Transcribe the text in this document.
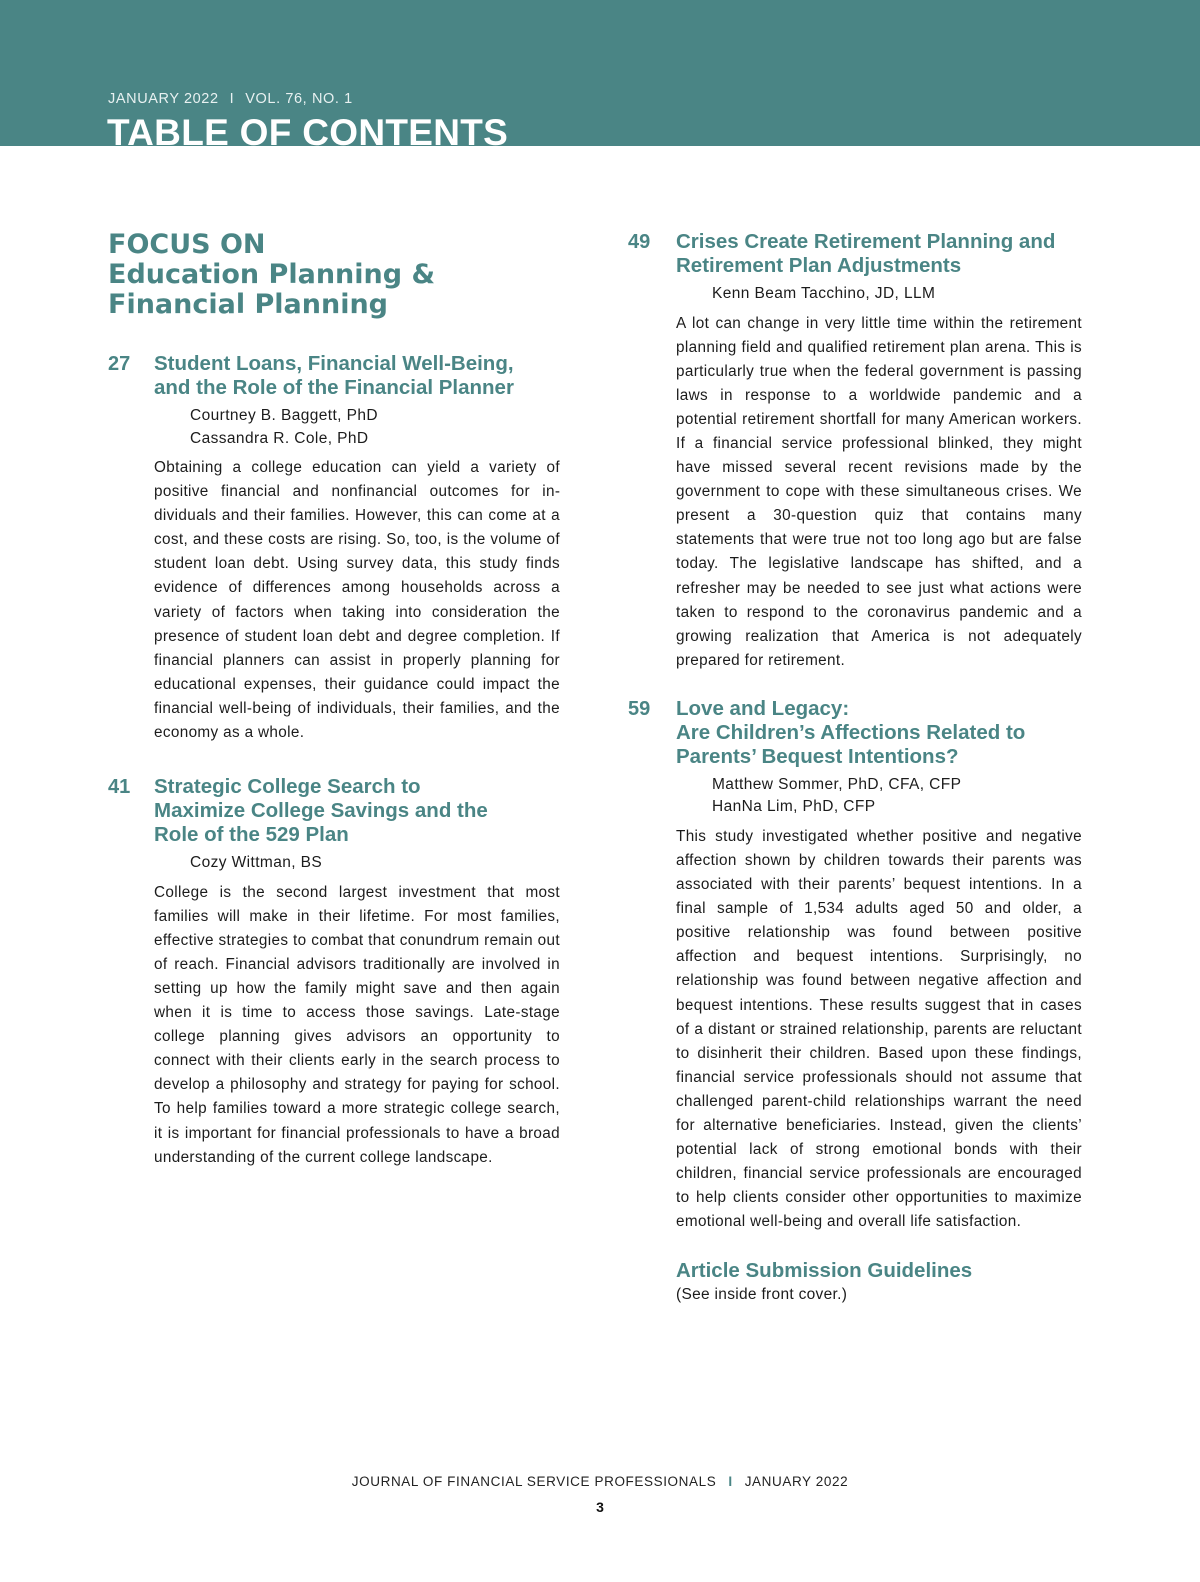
JANUARY 2022 I VOL. 76, NO. 1
TABLE OF CONTENTS
FOCUS ON
Education Planning &
Financial Planning
27 Student Loans, Financial Well-Being,
and the Role of the Financial Planner
Courtney B. Baggett, PhD
Cassandra R. Cole, PhD
Obtaining a college education can yield a variety of positive financial and nonfinancial outcomes for individuals and their families. However, this can come at a cost, and these costs are rising. So, too, is the volume of student loan debt. Using survey data, this study finds evidence of differences among households across a variety of factors when taking into consideration the presence of student loan debt and degree completion. If financial planners can assist in properly planning for educational expenses, their guidance could impact the financial well-being of individuals, their families, and the economy as a whole.
41 Strategic College Search to
Maximize College Savings and the
Role of the 529 Plan
Cozy Wittman, BS
College is the second largest investment that most families will make in their lifetime. For most families, effective strategies to combat that conundrum remain out of reach. Financial advisors traditionally are involved in setting up how the family might save and then again when it is time to access those savings. Late-stage college planning gives advisors an opportunity to connect with their clients early in the search process to develop a philosophy and strategy for paying for school. To help families toward a more strategic college search, it is important for financial professionals to have a broad understanding of the current college landscape.
49 Crises Create Retirement Planning and
Retirement Plan Adjustments
Kenn Beam Tacchino, JD, LLM
A lot can change in very little time within the retirement planning field and qualified retirement plan arena. This is particularly true when the federal government is passing laws in response to a worldwide pandemic and a potential retirement shortfall for many American workers. If a financial service professional blinked, they might have missed several recent revisions made by the government to cope with these simultaneous crises. We present a 30-question quiz that contains many statements that were true not too long ago but are false today. The legislative landscape has shifted, and a refresher may be needed to see just what actions were taken to respond to the coronavirus pandemic and a growing realization that America is not adequately prepared for retirement.
59 Love and Legacy:
Are Children’s Affections Related to
Parents’ Bequest Intentions?
Matthew Sommer, PhD, CFA, CFP
HanNa Lim, PhD, CFP
This study investigated whether positive and negative affection shown by children towards their parents was associated with their parents’ bequest intentions. In a final sample of 1,534 adults aged 50 and older, a positive relationship was found between positive affection and bequest intentions. Surprisingly, no relationship was found between negative affection and bequest intentions. These results suggest that in cases of a distant or strained relationship, parents are reluctant to disinherit their children. Based upon these findings, financial service professionals should not assume that challenged parent-child relationships warrant the need for alternative beneficiaries. Instead, given the clients’ potential lack of strong emotional bonds with their children, financial service professionals are encouraged to help clients consider other opportunities to maximize emotional well-being and overall life satisfaction.
Article Submission Guidelines
(See inside front cover.)
JOURNAL OF FINANCIAL SERVICE PROFESSIONALS I JANUARY 2022
3
